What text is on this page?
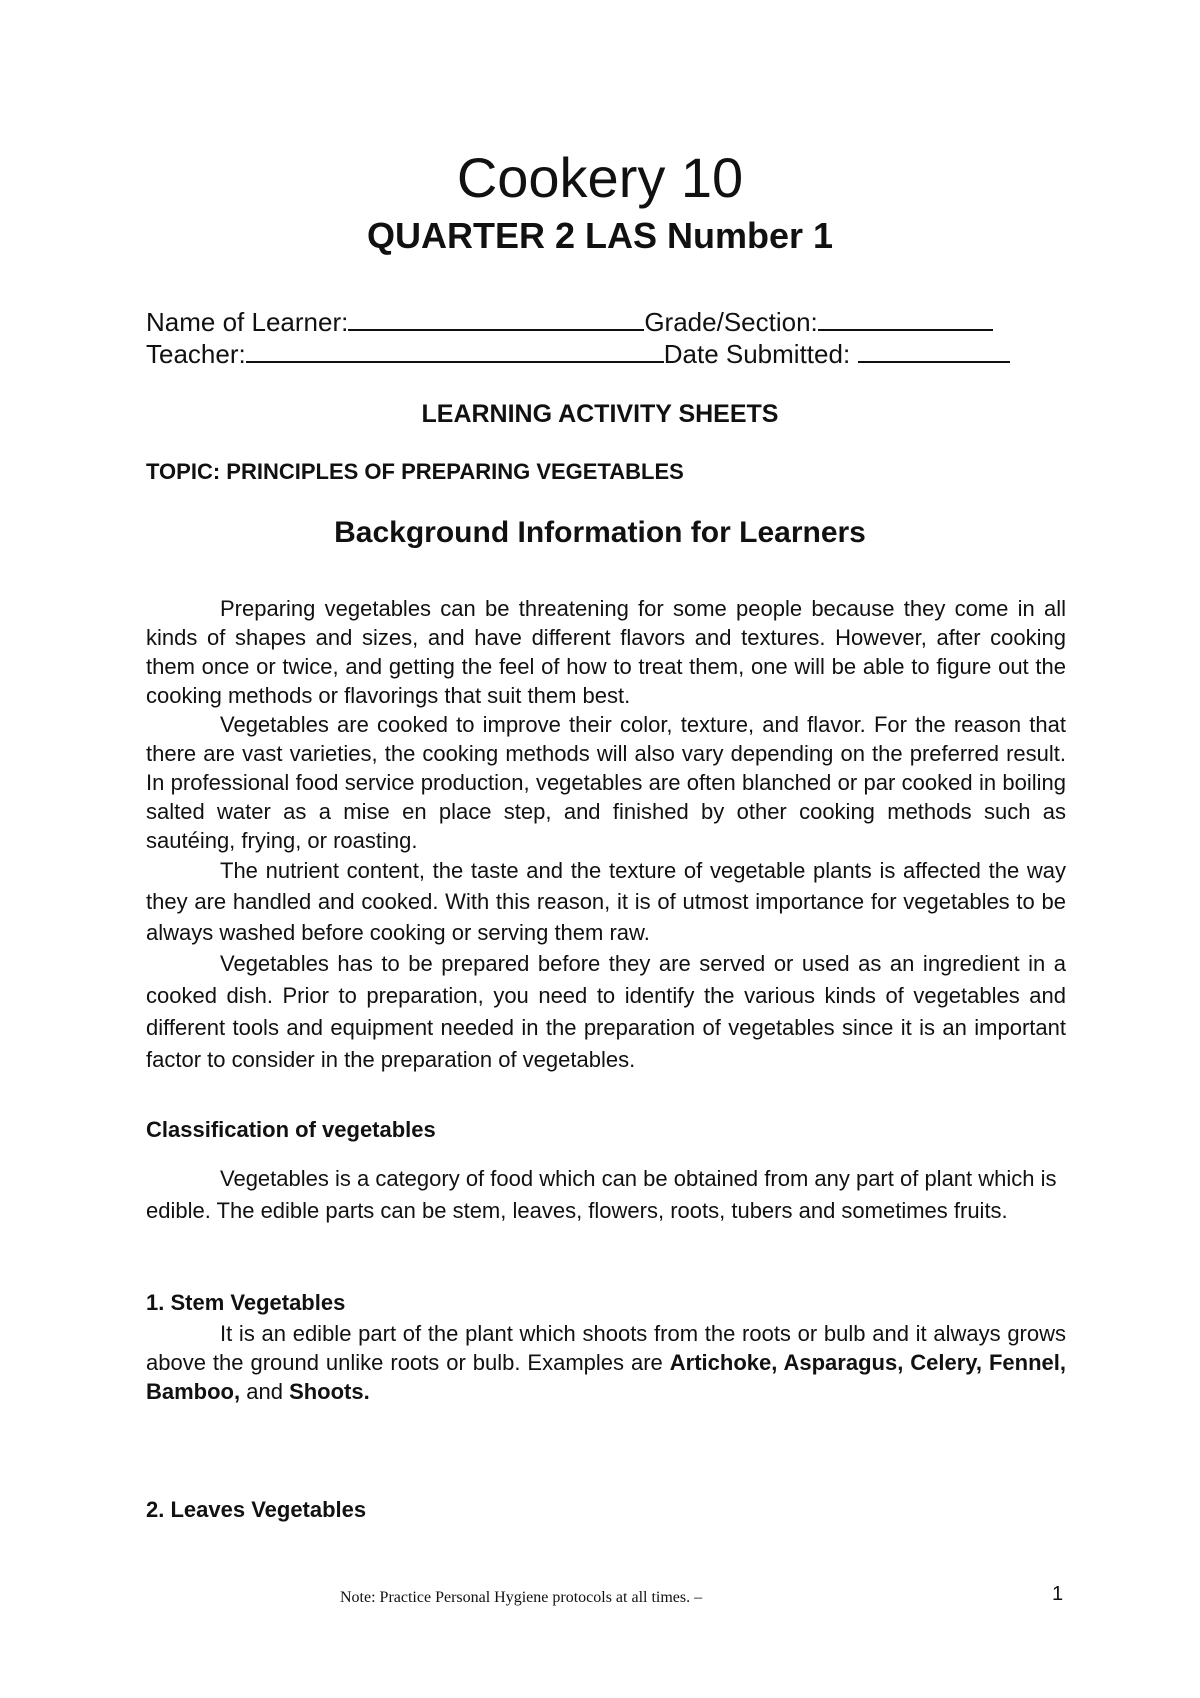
Cookery 10
QUARTER 2 LAS Number 1
Name of Learner:	Grade/Section:
Teacher:	Date Submitted:
LEARNING ACTIVITY SHEETS
TOPIC: PRINCIPLES OF PREPARING VEGETABLES
Background Information for Learners

Preparing vegetables can be threatening for some people because they come in all kinds of shapes and sizes, and have different flavors and textures. However, after cooking them once or twice, and getting the feel of how to treat them, one will be able to figure out the cooking methods or flavorings that suit them best.

Vegetables are cooked to improve their color, texture, and flavor. For the reason that there are vast varieties, the cooking methods will also vary depending on the preferred result. In professional food service production, vegetables are often blanched or par cooked in boiling salted water as a mise en place step, and finished by other cooking methods such as sautéing, frying, or roasting.

The nutrient content, the taste and the texture of vegetable plants is affected the way they are handled and cooked. With this reason, it is of utmost importance for vegetables to be always washed before cooking or serving them raw.

Vegetables has to be prepared before they are served or used as an ingredient in a cooked dish. Prior to preparation, you need to identify the various kinds of vegetables and different tools and equipment needed in the preparation of vegetables since it is an important factor to consider in the preparation of vegetables.

Classification of vegetables

Vegetables is a category of food which can be obtained from any part of plant which is edible. The edible parts can be stem, leaves, flowers, roots, tubers and sometimes fruits.

1. Stem Vegetables

It is an edible part of the plant which shoots from the roots or bulb and it always grows above the ground unlike roots or bulb. Examples are Artichoke, Asparagus, Celery, Fennel, Bamboo, and Shoots.

2. Leaves Vegetables
Note: Practice Personal Hygiene protocols at all times. –	1
